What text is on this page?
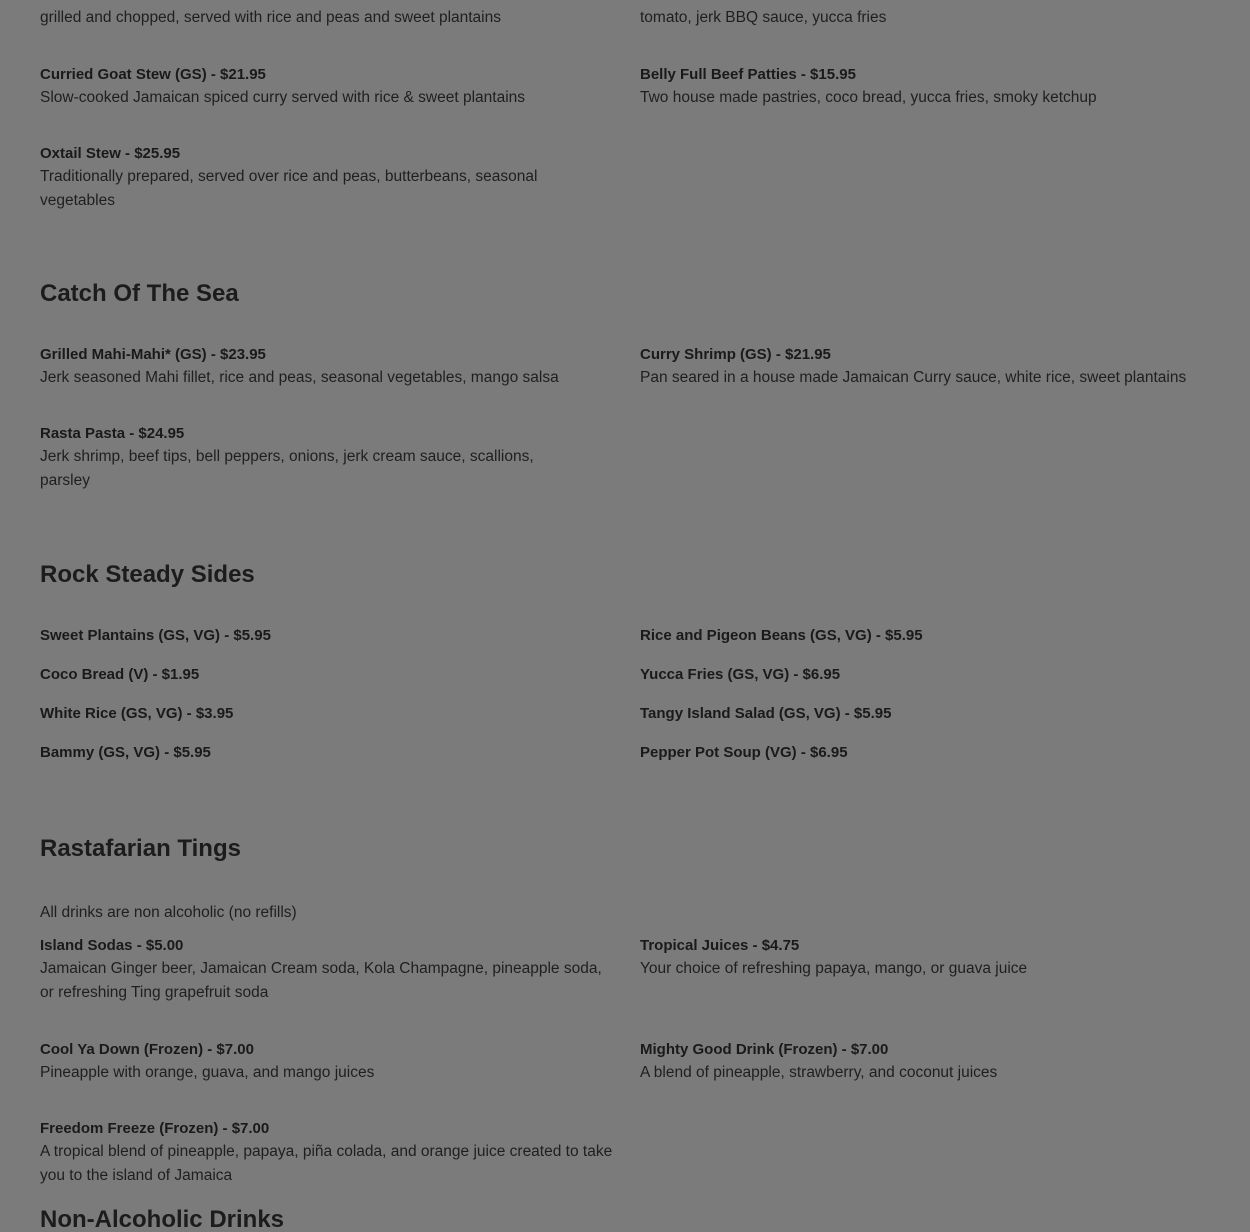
grilled and chopped, served with rice and peas and sweet plantains	tomato, jerk BBQ sauce, yucca fries
Curried Goat Stew (GS) - $21.95
Slow-cooked Jamaican spiced curry served with rice & sweet plantains
Belly Full Beef Patties - $15.95
Two house made pastries, coco bread, yucca fries, smoky ketchup
Oxtail Stew - $25.95
Traditionally prepared, served over rice and peas, butterbeans, seasonal vegetables
Catch Of The Sea
Grilled Mahi-Mahi* (GS) - $23.95
Jerk seasoned Mahi fillet, rice and peas, seasonal vegetables, mango salsa
Curry Shrimp (GS) - $21.95
Pan seared in a house made Jamaican Curry sauce, white rice, sweet plantains
Rasta Pasta - $24.95
Jerk shrimp, beef tips, bell peppers, onions, jerk cream sauce, scallions, parsley
Rock Steady Sides
Sweet Plantains (GS, VG) - $5.95	Rice and Pigeon Beans (GS, VG) - $5.95
Coco Bread (V) - $1.95	Yucca Fries (GS, VG) - $6.95
White Rice (GS, VG) - $3.95	Tangy Island Salad (GS, VG) - $5.95
Bammy (GS, VG) - $5.95	Pepper Pot Soup (VG) - $6.95
Rastafarian Tings
All drinks are non alcoholic (no refills)
Island Sodas - $5.00
Jamaican Ginger beer, Jamaican Cream soda, Kola Champagne, pineapple soda, or refreshing Ting grapefruit soda
Tropical Juices - $4.75
Your choice of refreshing papaya, mango, or guava juice
Cool Ya Down (Frozen) - $7.00
Pineapple with orange, guava, and mango juices
Mighty Good Drink (Frozen) - $7.00
A blend of pineapple, strawberry, and coconut juices
Freedom Freeze (Frozen) - $7.00
A tropical blend of pineapple, papaya, piña colada, and orange juice created to take you to the island of Jamaica
Non-Alcoholic Drinks
